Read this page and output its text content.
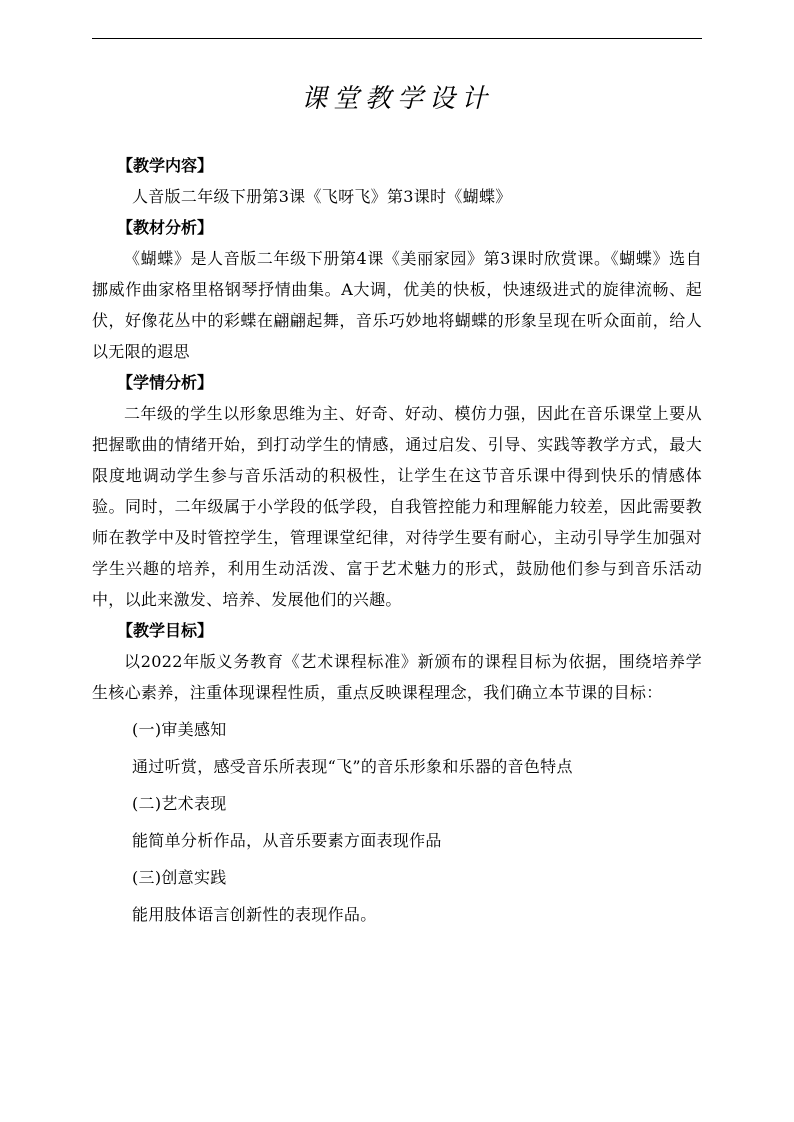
课堂教学设计
【教学内容】
人音版二年级下册第3课《飞呀飞》第3课时《蝴蝶》
【教材分析】
《蝴蝶》是人音版二年级下册第4课《美丽家园》第3课时欣赏课。《蝴蝶》选自挪威作曲家格里格钢琴抒情曲集。A大调，优美的快板，快速级进式的旋律流畅、起伏，好像花丛中的彩蝶在翩翩起舞，音乐巧妙地将蝴蝶的形象呈现在听众面前，给人以无限的遐思
【学情分析】
二年级的学生以形象思维为主、好奇、好动、模仿力强，因此在音乐课堂上要从把握歌曲的情绪开始，到打动学生的情感，通过启发、引导、实践等教学方式，最大限度地调动学生参与音乐活动的积极性，让学生在这节音乐课中得到快乐的情感体验。同时，二年级属于小学段的低学段，自我管控能力和理解能力较差，因此需要教师在教学中及时管控学生，管理课堂纪律，对待学生要有耐心，主动引导学生加强对学生兴趣的培养，利用生动活泼、富于艺术魅力的形式，鼓励他们参与到音乐活动中，以此来激发、培养、发展他们的兴趣。
【教学目标】
以2022年版义务教育《艺术课程标准》新颁布的课程目标为依据，围绕培养学生核心素养，注重体现课程性质，重点反映课程理念，我们确立本节课的目标：
(一)审美感知
通过听赏，感受音乐所表现“飞”的音乐形象和乐器的音色特点
(二)艺术表现
能简单分析作品，从音乐要素方面表现作品
(三)创意实践
能用肢体语言创新性的表现作品。
